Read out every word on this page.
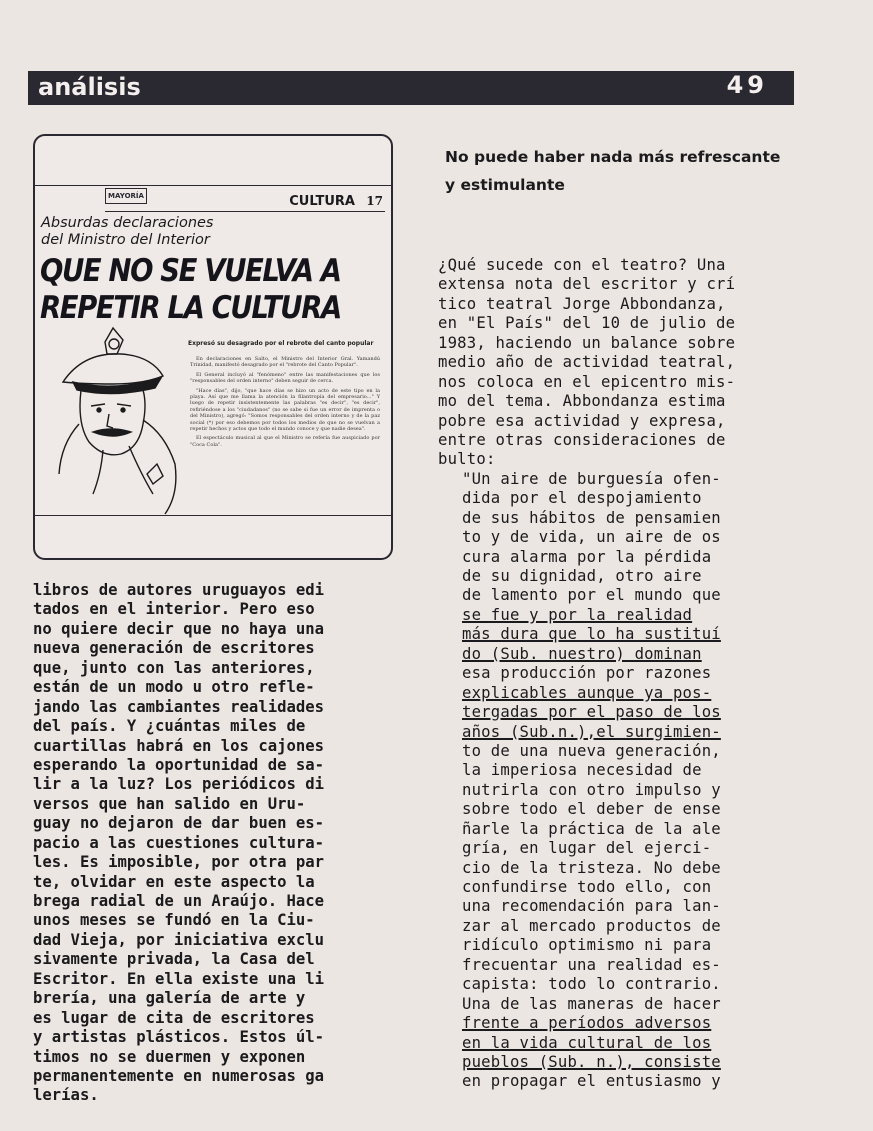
análisis	49
MAYORÍA	CULTURA 17
Absurdas declaraciones
del Ministro del Interior
QUE NO SE VUELVA A
REPETIR LA CULTURA
Expresó su desagrado por el rebrote del canto popular

En declaraciones en Salto, el Ministro del Interior Gral. Yamandú Trinidad, manifestó desagrado por el "rebrote del Canto Popular".

El General incluyó al "fenómeno" entre las manifestaciones que los "responsables del orden interno" deben seguir de cerca.

"Hace días", dijo, "que hace días se hizo un acto de este tipo en la playa. Así que me llama la atención la filantropía del empresario..." Y luego de repetir insistentemente las palabras "es decir", "es decir", refiriéndose a los "ciudadanos" (no se sabe si fue un error de imprenta o del Ministro), agregó: "Somos responsables del orden interno y de la paz social (*) por eso debemos por todos los medios de que no se vuelvan a repetir hechos y actos que todo el mundo conoce y que nadie desea".

El espectáculo musical al que el Ministro se refería fue auspiciado por "Coca Cola".

No puede haber nada más refrescante
y estimulante
libros de autores uruguayos edi
tados en el interior. Pero eso
no quiere decir que no haya una
nueva generación de escritores
que, junto con las anteriores,
están de un modo u otro refle-
jando las cambiantes realidades
del país. Y ¿cuántas miles de
cuartillas habrá en los cajones
esperando la oportunidad de sa-
lir a la luz? Los periódicos di
versos que han salido en Uru-
guay no dejaron de dar buen es-
pacio a las cuestiones cultura-
les. Es imposible, por otra par
te, olvidar en este aspecto la
brega radial de un Araújo. Hace
unos meses se fundó en la Ciu-
dad Vieja, por iniciativa exclu
sivamente privada, la Casa del
Escritor. En ella existe una li
brería, una galería de arte y
es lugar de cita de escritores
y artistas plásticos. Estos úl-
timos no se duermen y exponen
permanentemente en numerosas ga
lerías.
¿Qué sucede con el teatro? Una
extensa nota del escritor y crí
tico teatral Jorge Abbondanza,
en "El País" del 10 de julio de
1983, haciendo un balance sobre
medio año de actividad teatral,
nos coloca en el epicentro mis-
mo del tema. Abbondanza estima
pobre esa actividad y expresa,
entre otras consideraciones de
bulto:
"Un aire de burguesía ofen-
dida por el despojamiento
de sus hábitos de pensamien
to y de vida, un aire de os
cura alarma por la pérdida
de su dignidad, otro aire
de lamento por el mundo que
se fue y por la realidad
más dura que lo ha sustituí
do (Sub. nuestro) dominan
esa producción por razones
explicables aunque ya pos-
tergadas por el paso de los
años (Sub.n.),el surgimien-
to de una nueva generación,
la imperiosa necesidad de
nutrirla con otro impulso y
sobre todo el deber de ense
ñarle la práctica de la ale
gría, en lugar del ejerci-
cio de la tristeza. No debe
confundirse todo ello, con
una recomendación para lan-
zar al mercado productos de
ridículo optimismo ni para
frecuentar una realidad es-
capista: todo lo contrario.
Una de las maneras de hacer
frente a períodos adversos
en la vida cultural de los
pueblos (Sub. n.), consiste
en propagar el entusiasmo y
